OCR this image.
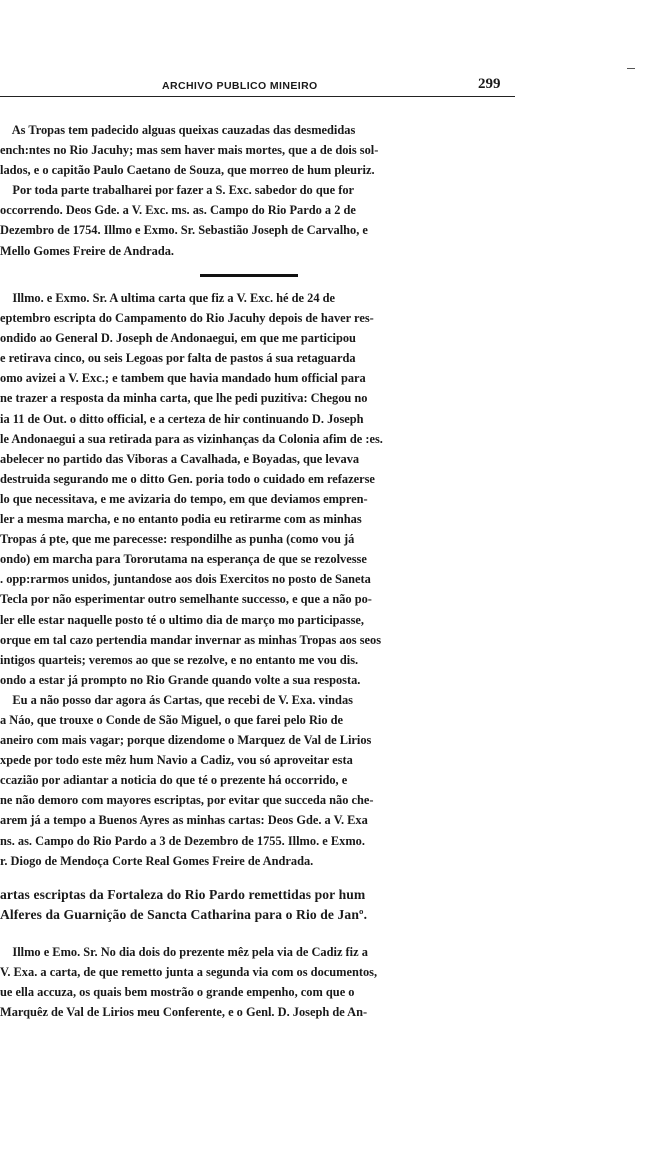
ARCHIVO PUBLICO MINEIRO	299
As Tropas tem padecido alguas queixas cauzadas das desmedidas
ench:ntes no Rio Jacuhy; mas sem haver mais mortes, que a de dois sol-
lados, e o capitão Paulo Caetano de Souza, que morreo de hum pleuriz.
Por toda parte trabalharei por fazer a S. Exc. sabedor do que for
occorrendo. Deos Gde. a V. Exc. ms. as. Campo do Rio Pardo a 2 de
Dezembro de 1754. Illmo e Exmo. Sr. Sebastião Joseph de Carvalho, e
Mello Gomes Freire de Andrada.
Illmo. e Exmo. Sr. A ultima carta que fiz a V. Exc. hé de 24 de
eptembro escripta do Campamento do Rio Jacuhy depois de haver res-
ondido ao General D. Joseph de Andonaegui, em que me participou
e retirava cinco, ou seis Legoas por falta de pastos á sua retaguarda
omo avizei a V. Exc.; e tambem que havia mandado hum official para
ne trazer a resposta da minha carta, que lhe pedi puzitiva: Chegou no
ia 11 de Out. o ditto official, e a certeza de hir continuando D. Joseph
le Andonaegui a sua retirada para as vizinhanças da Colonia afim de :es.
abelecer no partido das Viboras a Cavalhada, e Boyadas, que levava
destruida segurando me o ditto Gen. poria todo o cuidado em refazerse
lo que necessitava, e me avizaria do tempo, em que deviamos empren-
ler a mesma marcha, e no entanto podia eu retirarme com as minhas
Tropas á pte, que me parecesse: respondilhe as punha (como vou já
ondo) em marcha para Tororutama na esperança de que se rezolvesse
. opp:rarmos unidos, juntandose aos dois Exercitos no posto de Saneta
Tecla por não esperimentar outro semelhante successo, e que a não po-
ler elle estar naquelle posto té o ultimo dia de março mo participasse,
orque em tal cazo pertendia mandar invernar as minhas Tropas aos seos
intigos quarteis; veremos ao que se rezolve, e no entanto me vou dis.
ondo a estar já prompto no Rio Grande quando volte a sua resposta.
Eu a não posso dar agora ás Cartas, que recebi de V. Exa. vindas
a Náo, que trouxe o Conde de São Miguel, o que farei pelo Rio de
aneiro com mais vagar; porque dizendome o Marquez de Val de Lirios
xpede por todo este mêz hum Navio a Cadiz, vou só aproveitar esta
ccazião por adiantar a noticia do que té o prezente há occorrido, e
ne não demoro com mayores escriptas, por evitar que succeda não che-
arem já a tempo a Buenos Ayres as minhas cartas: Deos Gde. a V. Exa
ns. as. Campo do Rio Pardo a 3 de Dezembro de 1755. Illmo. e Exmo.
r. Diogo de Mendoça Corte Real Gomes Freire de Andrada.
artas escriptas da Fortaleza do Rio Pardo remettidas por hum
Alferes da Guarnição de Sancta Catharina para o Rio de Janº.
Illmo e Emo. Sr. No dia dois do prezente mêz pela via de Cadiz fiz a
V. Exa. a carta, de que remetto junta a segunda via com os documentos,
ue ella accuza, os quais bem mostrão o grande empenho, com que o
Marquêz de Val de Lirios meu Conferente, e o Genl. D. Joseph de An-
